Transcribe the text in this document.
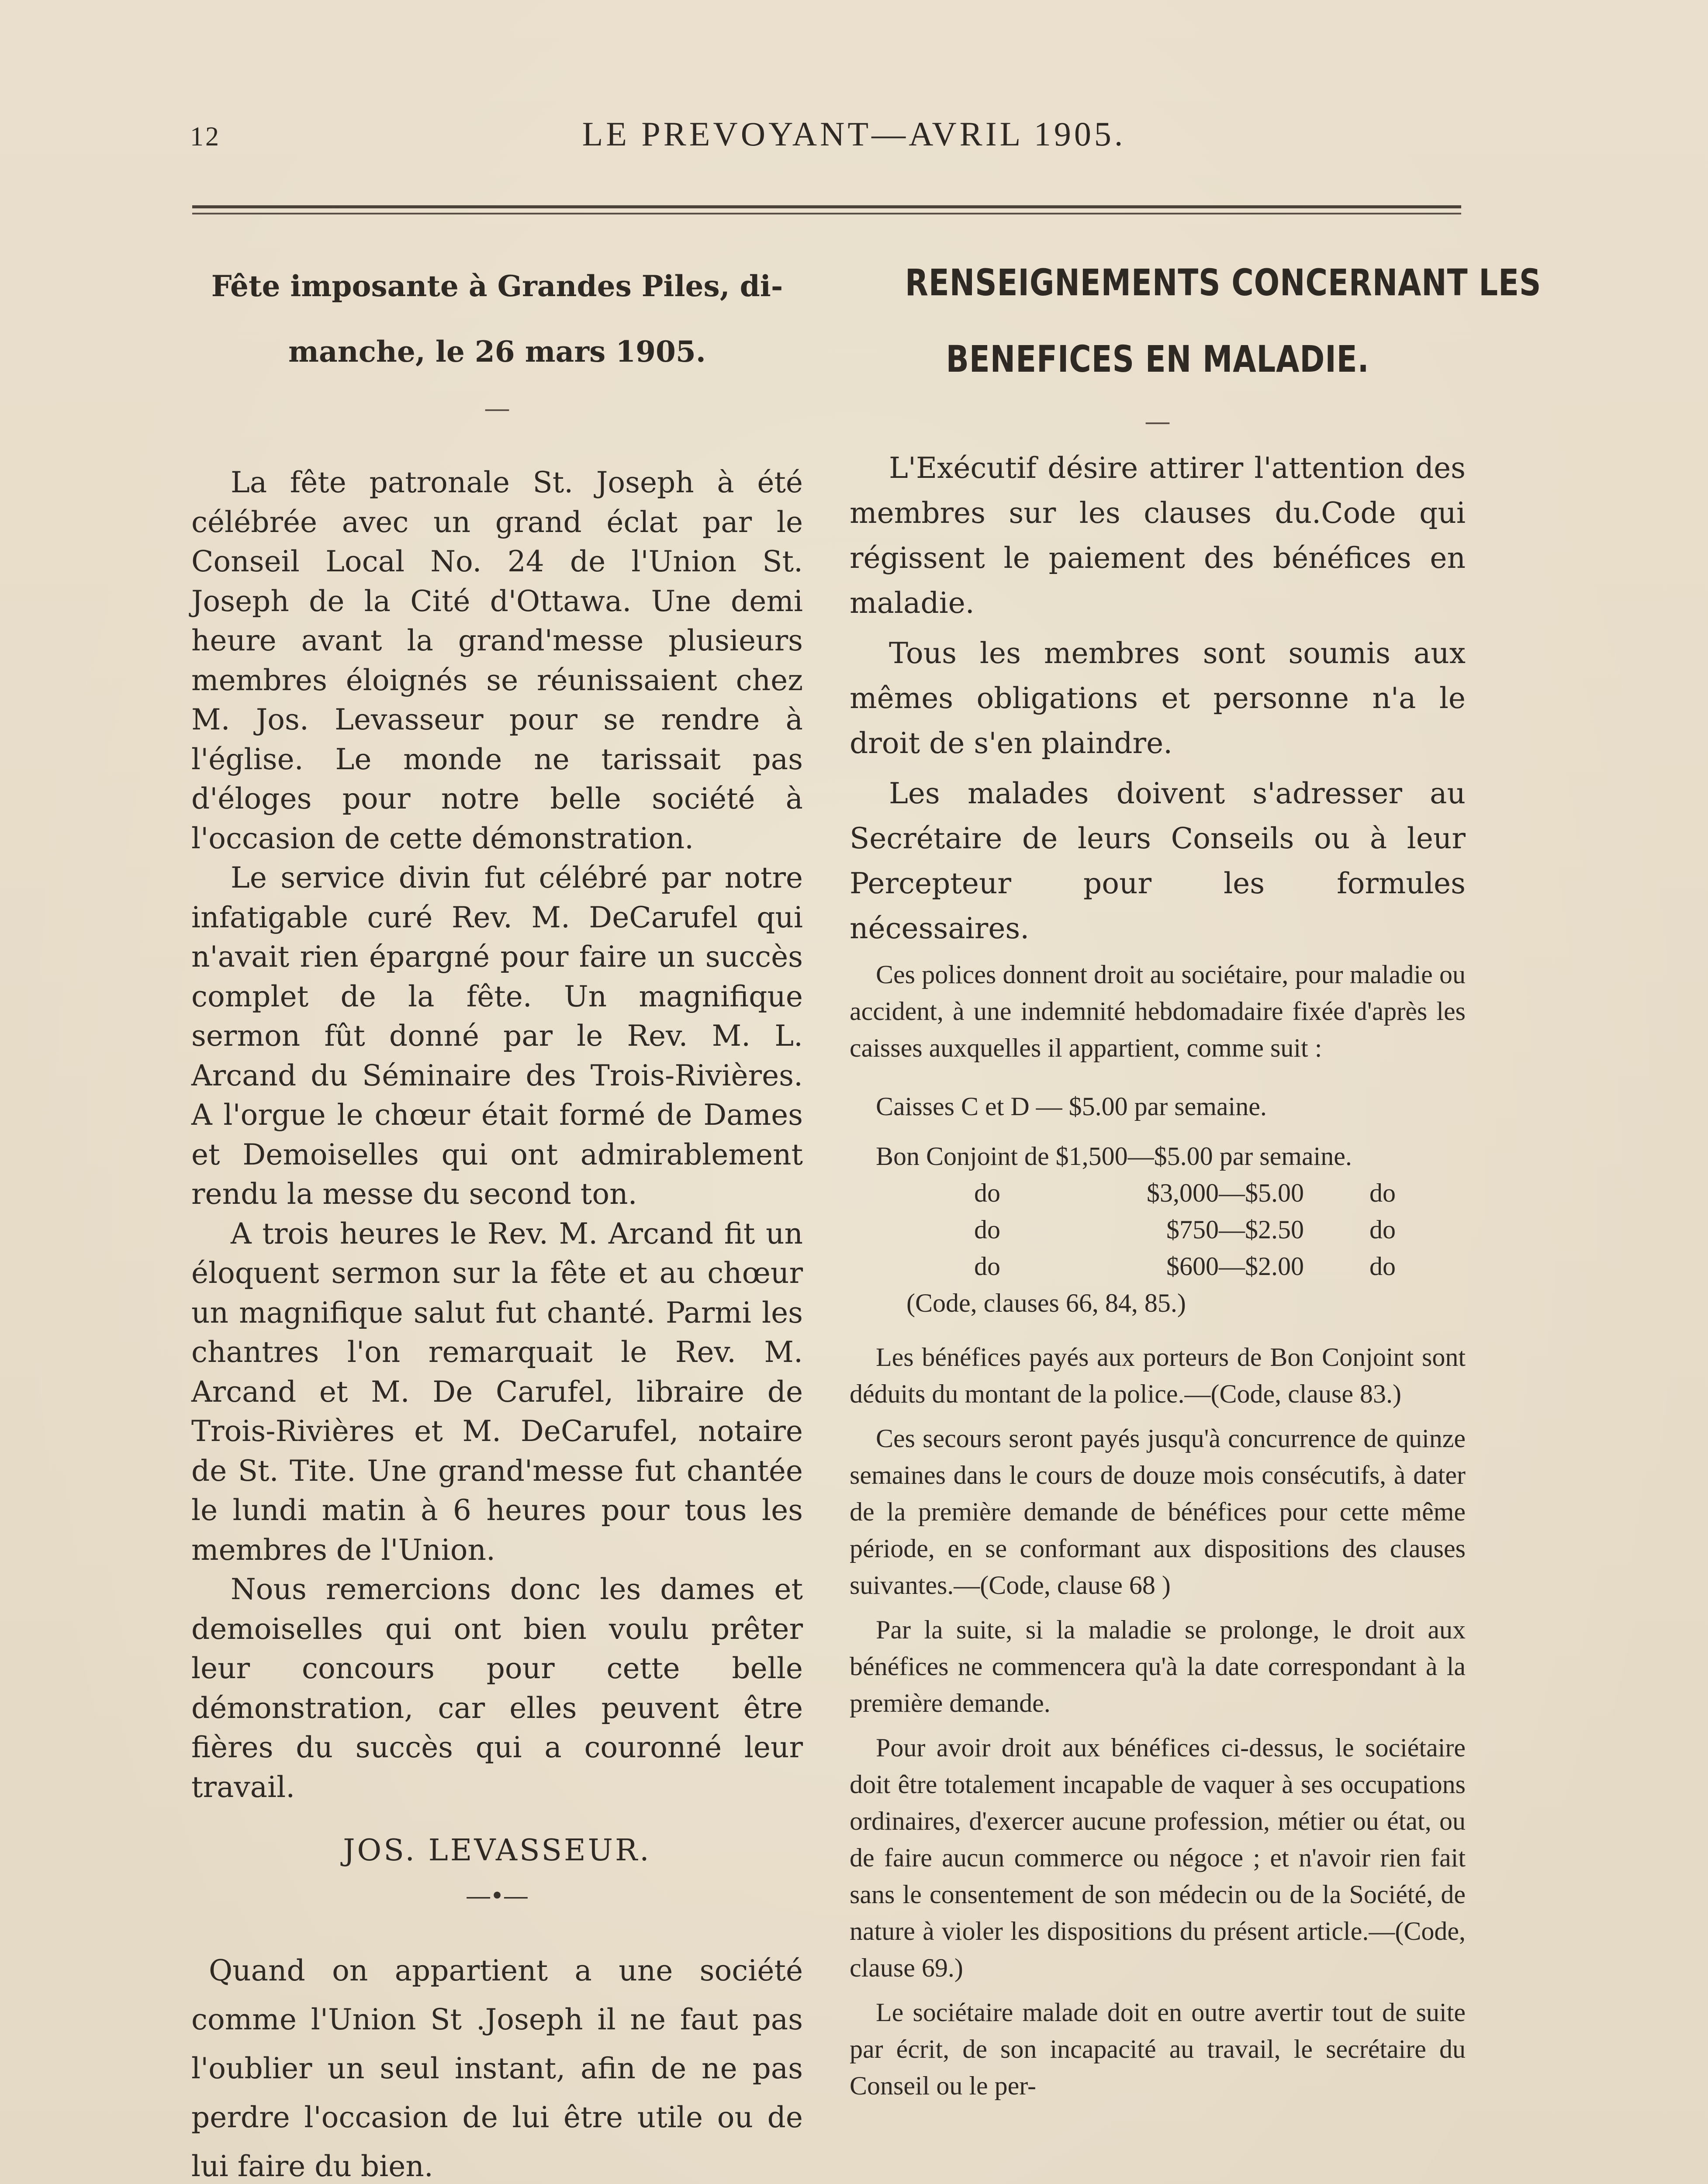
12	LE PREVOYANT—AVRIL 1905.

Fête imposante à Grandes Piles, di-
manche, le 26 mars 1905.

—

La fête patronale St. Joseph à été célébrée avec un grand éclat par le Conseil Local No. 24 de l'Union St. Joseph de la Cité d'Ottawa. Une demi heure avant la grand'messe plusieurs membres éloignés se réunissaient chez M. Jos. Levasseur pour se rendre à l'église. Le monde ne tarissait pas d'éloges pour notre belle société à l'occasion de cette démonstration.

Le service divin fut célébré par notre infatigable curé Rev. M. DeCarufel qui n'avait rien épargné pour faire un succès complet de la fête. Un magnifique sermon fût donné par le Rev. M. L. Arcand du Séminaire des Trois-Rivières. A l'orgue le chœur était formé de Dames et Demoiselles qui ont admirablement rendu la messe du second ton.

A trois heures le Rev. M. Arcand fit un éloquent sermon sur la fête et au chœur un magnifique salut fut chanté. Parmi les chantres l'on remarquait le Rev. M. Arcand et M. De Carufel, libraire de Trois-Rivières et M. DeCarufel, notaire de St. Tite. Une grand'messe fut chantée le lundi matin à 6 heures pour tous les membres de l'Union.

Nous remercions donc les dames et demoiselles qui ont bien voulu prêter leur concours pour cette belle démonstration, car elles peuvent être fières du succès qui a couronné leur travail.

JOS. LEVASSEUR.

―•―

Quand on appartient a une société comme l'Union St .Joseph il ne faut pas l'oublier un seul instant, afin de ne pas perdre l'occasion de lui être utile ou de lui faire du bien.

RENSEIGNEMENTS CONCERNANT LES

BENEFICES EN MALADIE.

—

L'Exécutif désire attirer l'attention des membres sur les clauses du.Code qui régissent le paiement des bénéfices en maladie.

Tous les membres sont soumis aux mêmes obligations et personne n'a le droit de s'en plaindre.

Les malades doivent s'adresser au Secrétaire de leurs Conseils ou à leur Percepteur pour les formules nécessaires.

Ces polices donnent droit au sociétaire, pour maladie ou accident, à une indemnité hebdomadaire fixée d'après les caisses auxquelles il appartient, comme suit :

Caisses C et D — $5.00 par semaine.

Bon Conjoint de $1,500—$5.00 par semaine.

do	$3,000—$5.00	do
do	$750—$2.50	do
do	$600—$2.00	do

(Code, clauses 66, 84, 85.)

Les bénéfices payés aux porteurs de Bon Conjoint sont déduits du montant de la police.—(Code, clause 83.)

Ces secours seront payés jusqu'à concurrence de quinze semaines dans le cours de douze mois consécutifs, à dater de la première demande de bénéfices pour cette même période, en se conformant aux dispositions des clauses suivantes.—(Code, clause 68 )

Par la suite, si la maladie se prolonge, le droit aux bénéfices ne commencera qu'à la date correspondant à la première demande.

Pour avoir droit aux bénéfices ci-dessus, le sociétaire doit être totalement incapable de vaquer à ses occupations ordinaires, d'exercer aucune profession, métier ou état, ou de faire aucun commerce ou négoce ; et n'avoir rien fait sans le consentement de son médecin ou de la Société, de nature à violer les dispositions du présent article.—(Code, clause 69.)

Le sociétaire malade doit en outre avertir tout de suite par écrit, de son incapacité au travail, le secrétaire du Conseil ou le per-
